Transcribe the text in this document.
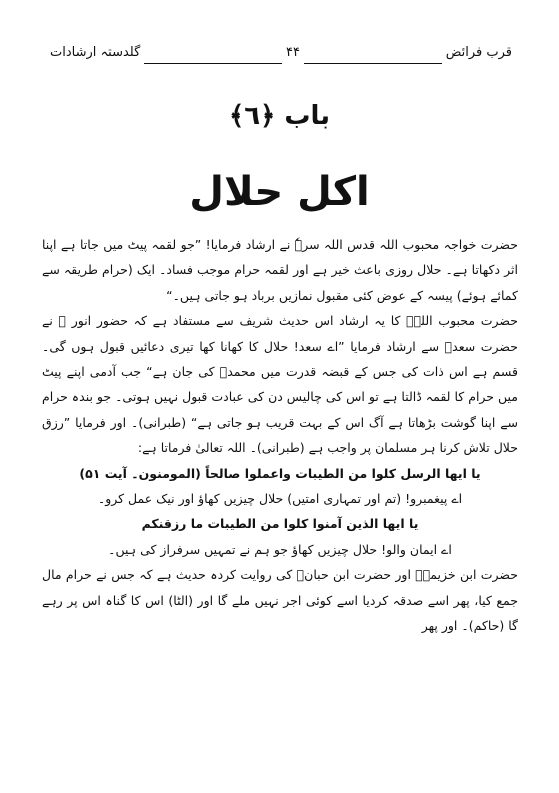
قرب فرائض
۴۴
گلدستہ ارشادات
باب ﴿٦﴾
اکل حلال

حضرت خواجہ محبوب اللہ قدس اللہ سرہٗ نے ارشاد فرمایا! ”جو لقمہ پیٹ میں جاتا ہے اپنا اثر دکھاتا ہے۔ حلال روزی باعث خیر ہے اور لقمہ حرام موجب فساد۔ ایک (حرام طریقہ سے کمائے ہوئے) پیسہ کے عوض کئی مقبول نمازیں برباد ہو جاتی ہیں۔“

حضرت محبوب اللہؒ کا یہ ارشاد اس حدیث شریف سے مستفاد ہے کہ حضور انور ﷺ نے حضرت سعدؓ سے ارشاد فرمایا ”اے سعد! حلال کا کھانا کھا تیری دعائیں قبول ہوں گی۔ قسم ہے اس ذات کی جس کے قبضہ قدرت میں محمدؐ کی جان ہے“ جب آدمی اپنے پیٹ میں حرام کا لقمہ ڈالتا ہے تو اس کی چالیس دن کی عبادت قبول نہیں ہوتی۔ جو بندہ حرام سے اپنا گوشت بڑھاتا ہے آگ اس کے بہت قریب ہو جاتی ہے“ (طبرانی)۔ اور فرمایا ”رزق حلال تلاش کرنا ہر مسلمان پر واجب ہے (طبرانی)۔ اللہ تعالیٰ فرماتا ہے:

يا ايها الرسل كلوا من الطيبات واعملوا صالحاً (المومنون۔ آیت ۵۱)

اے پیغمبرو! (تم اور تمہاری امتیں) حلال چیزیں کھاؤ اور نیک عمل کرو۔

يا ايها الذين آمنوا كلوا من الطيبات ما رزقنكم

اے ایمان والو! حلال چیزیں کھاؤ جو ہم نے تمہیں سرفراز کی ہیں۔

حضرت ابن خزیمہؒ اور حضرت ابن حبانؒ کی روایت کردہ حدیث ہے کہ جس نے حرام مال جمع کیا، پھر اسے صدقہ کردیا اسے کوئی اجر نہیں ملے گا اور (الٹا) اس کا گناہ اس پر رہے گا (حاکم)۔ اور پھر
